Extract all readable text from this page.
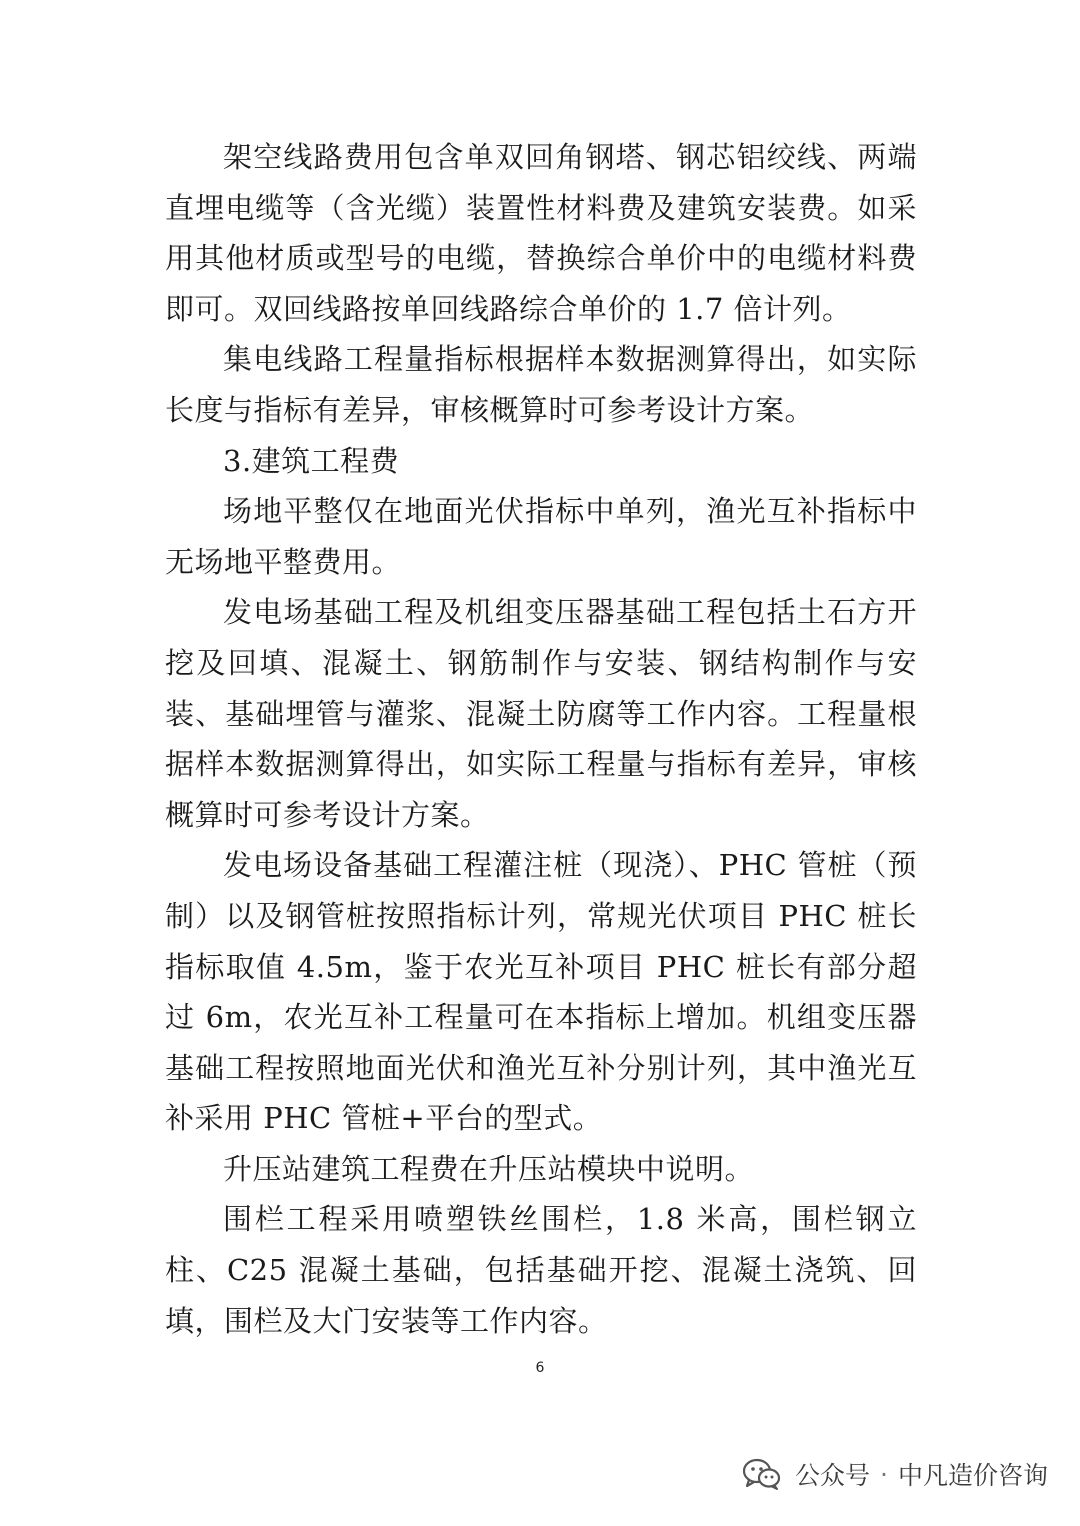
架空线路费用包含单双回角钢塔、钢芯铝绞线、两端直埋电缆等（含光缆）装置性材料费及建筑安装费。如采用其他材质或型号的电缆，替换综合单价中的电缆材料费即可。双回线路按单回线路综合单价的 1.7 倍计列。

集电线路工程量指标根据样本数据测算得出，如实际长度与指标有差异，审核概算时可参考设计方案。

3.建筑工程费

场地平整仅在地面光伏指标中单列，渔光互补指标中无场地平整费用。

发电场基础工程及机组变压器基础工程包括土石方开挖及回填、混凝土、钢筋制作与安装、钢结构制作与安装、基础埋管与灌浆、混凝土防腐等工作内容。工程量根据样本数据测算得出，如实际工程量与指标有差异，审核概算时可参考设计方案。

发电场设备基础工程灌注桩（现浇）、PHC 管桩（预制）以及钢管桩按照指标计列，常规光伏项目 PHC 桩长指标取值 4.5m，鉴于农光互补项目 PHC 桩长有部分超过 6m，农光互补工程量可在本指标上增加。机组变压器基础工程按照地面光伏和渔光互补分别计列，其中渔光互补采用 PHC 管桩+平台的型式。

升压站建筑工程费在升压站模块中说明。

围栏工程采用喷塑铁丝围栏，1.8 米高，围栏钢立柱、C25 混凝土基础，包括基础开挖、混凝土浇筑、回填，围栏及大门安装等工作内容。

6
公众号 · 中凡造价咨询
